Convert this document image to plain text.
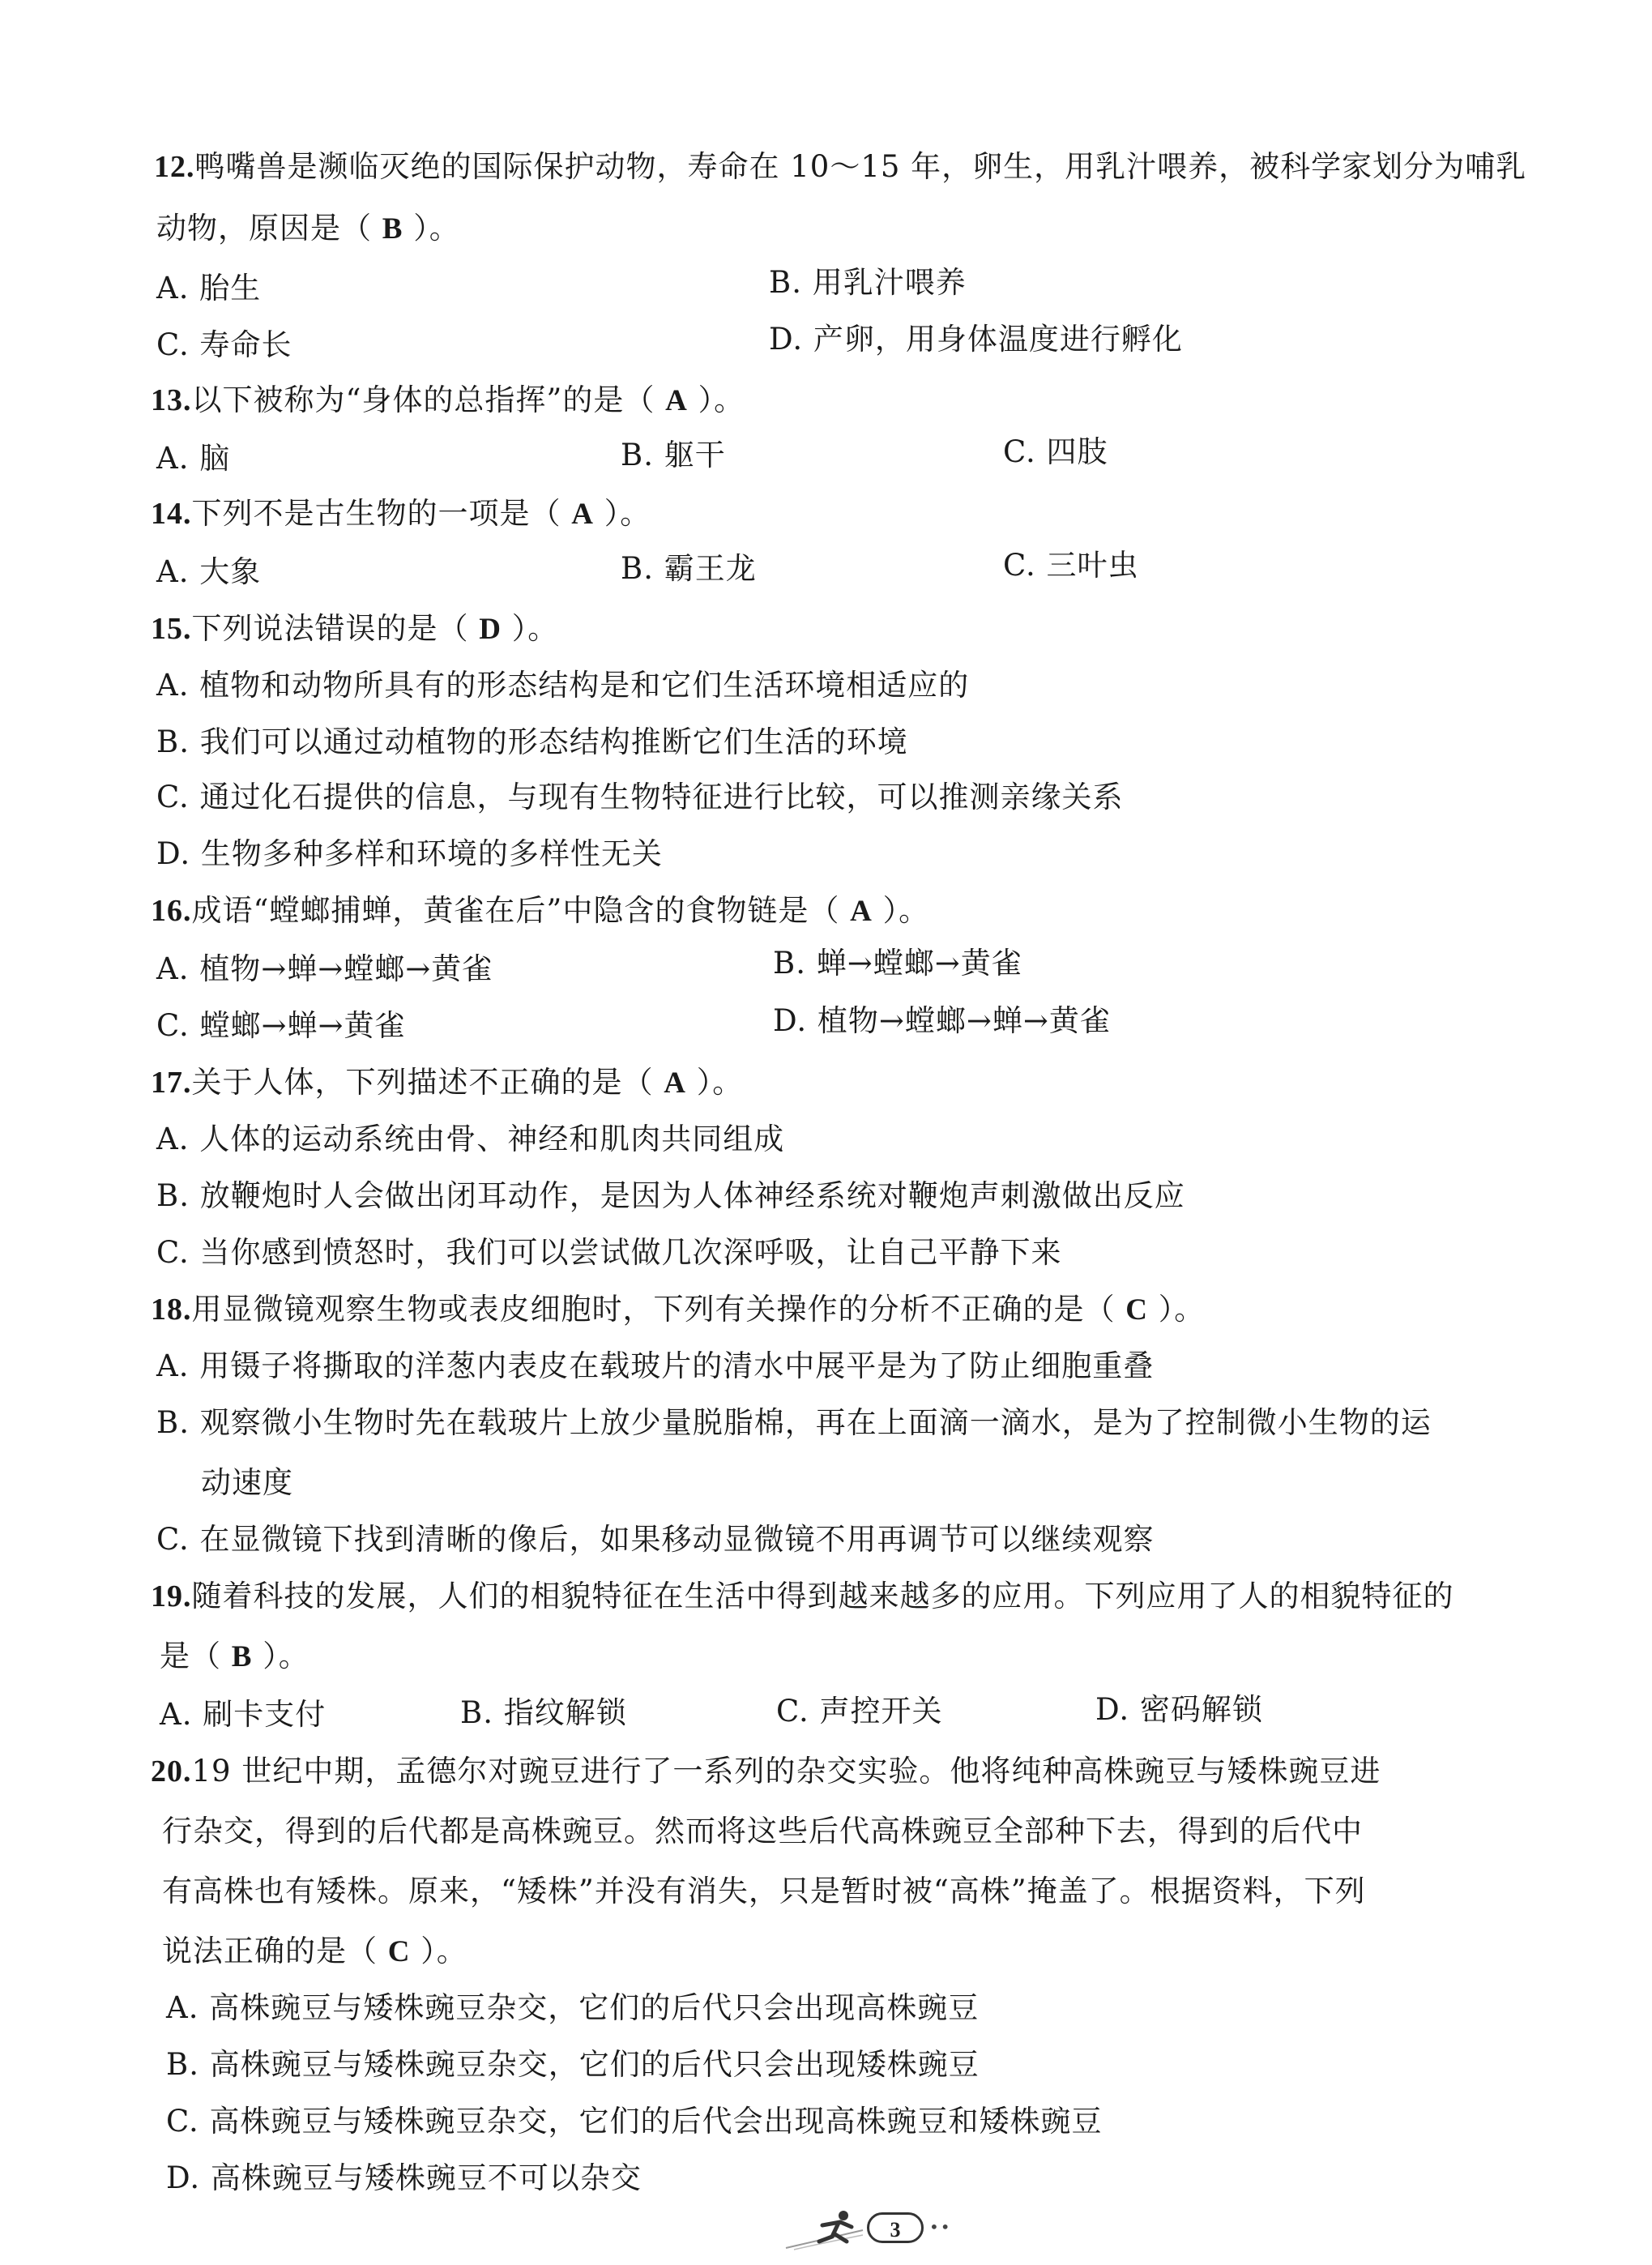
12.鸭嘴兽是濒临灭绝的国际保护动物，寿命在 10～15 年，卵生，用乳汁喂养，被科学家划分为哺乳
动物，原因是（ B ）。
A. 胎生	B. 用乳汁喂养
C. 寿命长	D. 产卵，用身体温度进行孵化
13.以下被称为“身体的总指挥”的是（ A ）。
A. 脑	B. 躯干	C. 四肢
14.下列不是古生物的一项是（ A ）。
A. 大象	B. 霸王龙	C. 三叶虫
15.下列说法错误的是（ D ）。
A. 植物和动物所具有的形态结构是和它们生活环境相适应的
B. 我们可以通过动植物的形态结构推断它们生活的环境
C. 通过化石提供的信息，与现有生物特征进行比较，可以推测亲缘关系
D. 生物多种多样和环境的多样性无关
16.成语“螳螂捕蝉，黄雀在后”中隐含的食物链是（ A ）。
A. 植物→蝉→螳螂→黄雀	B. 蝉→螳螂→黄雀
C. 螳螂→蝉→黄雀	D. 植物→螳螂→蝉→黄雀
17.关于人体，下列描述不正确的是（ A ）。
A. 人体的运动系统由骨、神经和肌肉共同组成
B. 放鞭炮时人会做出闭耳动作，是因为人体神经系统对鞭炮声刺激做出反应
C. 当你感到愤怒时，我们可以尝试做几次深呼吸，让自己平静下来
18.用显微镜观察生物或表皮细胞时，下列有关操作的分析不正确的是（ C ）。
A. 用镊子将撕取的洋葱内表皮在载玻片的清水中展平是为了防止细胞重叠
B. 观察微小生物时先在载玻片上放少量脱脂棉，再在上面滴一滴水，是为了控制微小生物的运
动速度
C. 在显微镜下找到清晰的像后，如果移动显微镜不用再调节可以继续观察
19.随着科技的发展，人们的相貌特征在生活中得到越来越多的应用。下列应用了人的相貌特征的
是（ B ）。
A. 刷卡支付	B. 指纹解锁	C. 声控开关	D. 密码解锁
20.19 世纪中期，孟德尔对豌豆进行了一系列的杂交实验。他将纯种高株豌豆与矮株豌豆进
行杂交，得到的后代都是高株豌豆。然而将这些后代高株豌豆全部种下去，得到的后代中
有高株也有矮株。原来，“矮株”并没有消失，只是暂时被“高株”掩盖了。根据资料，下列
说法正确的是（ C ）。
A. 高株豌豆与矮株豌豆杂交，它们的后代只会出现高株豌豆
B. 高株豌豆与矮株豌豆杂交，它们的后代只会出现矮株豌豆
C. 高株豌豆与矮株豌豆杂交，它们的后代会出现高株豌豆和矮株豌豆
D. 高株豌豆与矮株豌豆不可以杂交
3	••
